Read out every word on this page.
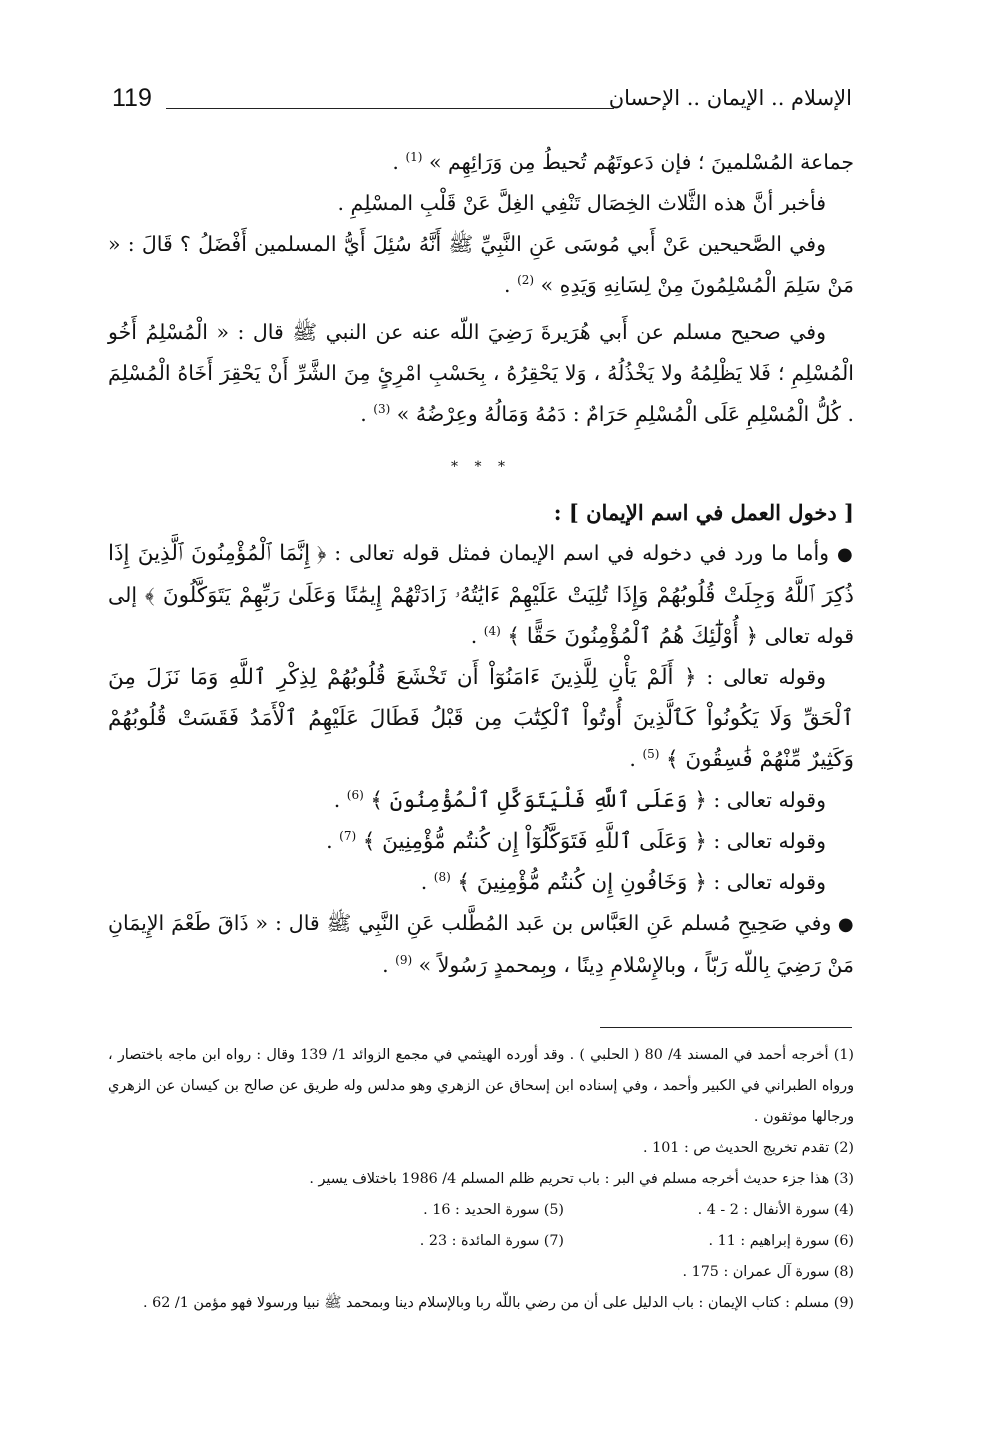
الإسلام .. الإيمان .. الإحسان
119

جماعة المُسْلمينَ ؛ فإن دَعوتَهُم تُحيطُ مِن وَرَائِهِم » $^{(1)}$ .

فأخبر أنَّ هذه الثَّلاث الخِصَال تَنْفِي الغِلَّ عَنْ قَلْبِ المسْلِمِ .

وفي الصَّحيحين عَنْ أَبي مُوسَى عَنِ النَّبِيِّ ﷺ أَنَّهُ سُئِلَ أَيُّ المسلمين أَفْضَلُ ؟ قَالَ : « مَنْ سَلِمَ الْمُسْلِمُونَ مِنْ لِسَانِهِ وَيَدِهِ » $^{(2)}$ .

وفي صحيح مسلم عن أَبي هُرَيرةَ رَضِيَ اللّه عنه عن النبي ﷺ قال : « الْمُسْلِمُ أَخُو الْمُسْلِمِ ؛ فَلا يَظْلِمُهُ ولا يَخْذُلُهُ ، وَلا يَحْقِرُهُ ، بِحَسْبِ امْرِئٍ مِنَ الشَّرِّ أَنْ يَحْقِرَ أَخَاهُ الْمُسْلِمَ . كُلُّ الْمُسْلِمِ عَلَى الْمُسْلِمِ حَرَامٌ : دَمُهُ وَمَالُهُ وعِرْضُهُ » $^{(3)}$ .

* * *

[ دخول العمل في اسم الإيمان ] :

● وأما ما ورد في دخوله في اسم الإيمان فمثل قوله تعالى : ﴿ إِنَّمَا ٱلْمُؤْمِنُونَ ٱلَّذِينَ إِذَا ذُكِرَ ٱللَّهُ وَجِلَتْ قُلُوبُهُمْ وَإِذَا تُلِيَتْ عَلَيْهِمْ ءَايَٰتُهُۥ زَادَتْهُمْ إِيمَٰنًا وَعَلَىٰ رَبِّهِمْ يَتَوَكَّلُونَ ﴾ إلى قوله تعالى ﴿ أُوْلَٰٓئِكَ هُمُ ٱلْمُؤْمِنُونَ حَقًّا ﴾ $^{(4)}$ .

وقوله تعالى : ﴿ أَلَمْ يَأْنِ لِلَّذِينَ ءَامَنُوٓاْ أَن تَخْشَعَ قُلُوبُهُمْ لِذِكْرِ ٱللَّهِ وَمَا نَزَلَ مِنَ ٱلْحَقِّ وَلَا يَكُونُواْ كَٱلَّذِينَ أُوتُواْ ٱلْكِتَٰبَ مِن قَبْلُ فَطَالَ عَلَيْهِمُ ٱلْأَمَدُ فَقَسَتْ قُلُوبُهُمْ وَكَثِيرٌ مِّنْهُمْ فَٰسِقُونَ ﴾ $^{(5)}$ .

وقوله تعالى : ﴿ وَعَلَى ٱللَّهِ فَلْيَتَوَكَّلِ ٱلْمُؤْمِنُونَ ﴾ $^{(6)}$ .

وقوله تعالى : ﴿ وَعَلَى ٱللَّهِ فَتَوَكَّلُوٓاْ إِن كُنتُم مُّؤْمِنِينَ ﴾ $^{(7)}$ .

وقوله تعالى : ﴿ وَخَافُونِ إِن كُنتُم مُّؤْمِنِينَ ﴾ $^{(8)}$ .

● وفي صَحِيحِ مُسلم عَنِ العَبَّاس بن عَبد المُطَّلب عَنِ النَّبِي ﷺ قال : « ذَاقَ طَعْمَ الإِيمَانِ مَنْ رَضِيَ بِاللّه رَبّاً ، وبالإِسْلامِ دِينًا ، وبِمحمدٍ رَسُولاً » $^{(9)}$ .

(1) أخرجه أحمد في المسند 4/ 80 ( الحلبي ) . وقد أورده الهيثمي في مجمع الزوائد 1/ 139 وقال : رواه ابن ماجه باختصار ، ورواه الطبراني في الكبير وأحمد ، وفي إسناده ابن إسحاق عن الزهري وهو مدلس وله طريق عن صالح بن كيسان عن الزهري ورجالها موثقون .

(2) تقدم تخريج الحديث ص : 101 .

(3) هذا جزء حديث أخرجه مسلم في البر : باب تحريم ظلم المسلم 4/ 1986 باختلاف يسير .

(4) سورة الأنفال : 2 - 4 .
(5) سورة الحديد : 16 .
(6) سورة إبراهيم : 11 .
(7) سورة المائدة : 23 .

(8) سورة آل عمران : 175 .

(9) مسلم : كتاب الإيمان : باب الدليل على أن من رضي باللّه ربا وبالإسلام دينا وبمحمد ﷺ نبيا ورسولا فهو مؤمن 1/ 62 .
